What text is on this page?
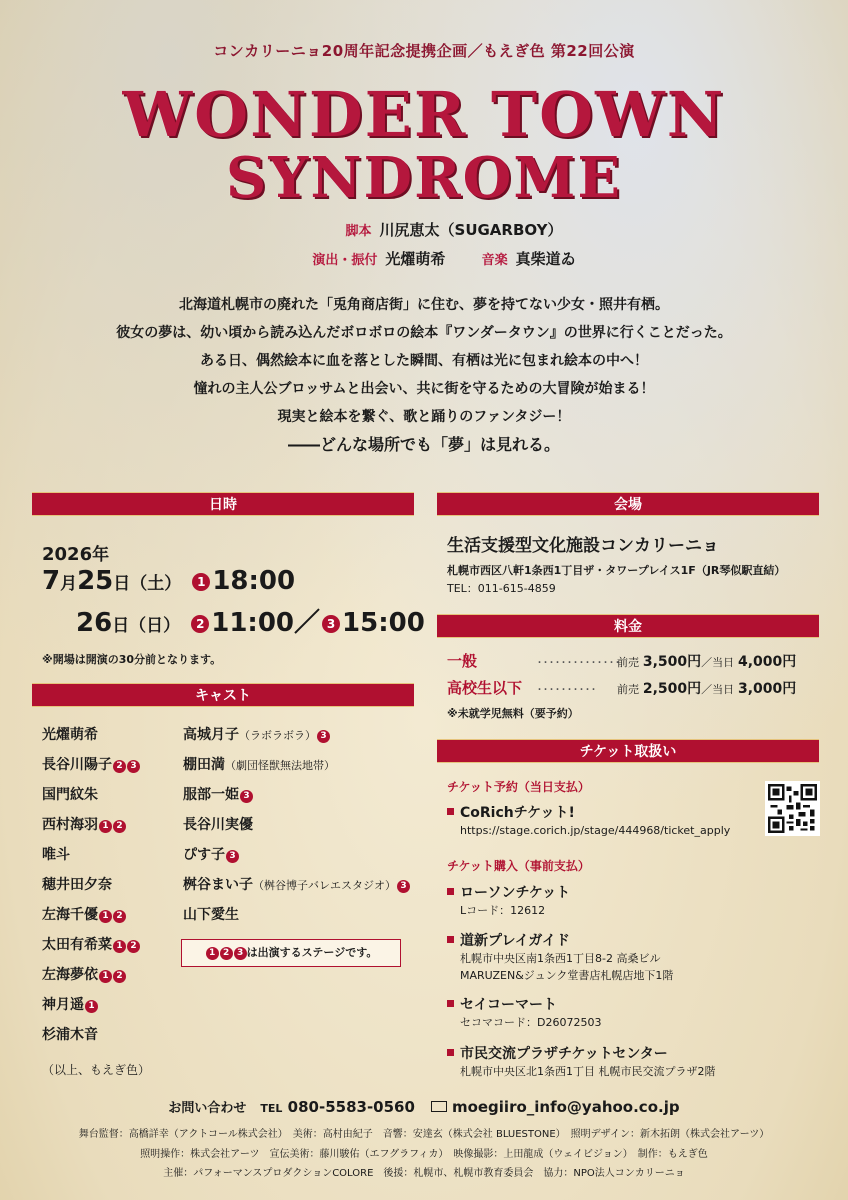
コンカリーニョ20周年記念提携企画／もえぎ色 第22回公演
WONDER TOWN
SYNDROME
脚本 川尻恵太（SUGARBOY）
演出・振付 光燿萌希	音楽 真柴道ゐ
北海道札幌市の廃れた「兎角商店街」に住む、夢を持てない少女・照井有栖。
彼女の夢は、幼い頃から読み込んだボロボロの絵本『ワンダータウン』の世界に行くことだった。
ある日、偶然絵本に血を落とした瞬間、有栖は光に包まれ絵本の中へ！
憧れの主人公ブロッサムと出会い、共に街を守るための大冒険が始まる！
現実と絵本を繋ぐ、歌と踊りのファンタジー！
――どんな場所でも「夢」は見れる。
日時
2026年
7月25日（土） 1 18:00
26日（日） 2 11:00／ 3 15:00
※開場は開演の30分前となります。
キャスト
光燿萌希
長谷川陽子 2 3
国門紋朱
西村海羽 1 2
唯斗
穂井田夕奈
左海千優 1 2
太田有希菜 1 2
左海夢依 1 2
神月遥 1
杉浦木音
高城月子（ラボラボラ） 3
棚田満（劇団怪獣無法地帯）
服部一姫 3
長谷川実優
ぴす子 3
桝谷まい子（桝谷博子バレエスタジオ） 3
山下愛生
1 2 3 は出演するステージです。
（以上、もえぎ色）
会場
生活支援型文化施設コンカリーニョ
札幌市西区八軒1条西1丁目ザ・タワープレイス1F（JR琴似駅直結）
TEL：011-615-4859
料金
一般	･･････････････前売 3,500円／当日 4,000円
高校生以下 ･･････････ 前売 2,500円／当日 3,000円
※未就学児無料（要予約）
チケット取扱い
チケット予約（当日支払）
CoRichチケット!
https://stage.corich.jp/stage/444968/ticket_apply
チケット購入（事前支払）
ローソンチケット
Lコード：12612
道新プレイガイド
札幌市中央区南1条西1丁目8-2 高桑ビル
MARUZEN&ジュンク堂書店札幌店地下1階
セイコーマート
セコマコード：D26072503
市民交流プラザチケットセンター
札幌市中央区北1条西1丁目 札幌市民交流プラザ2階
お問い合わせ TEL 080-5583-0560 moegiiro_info@yahoo.co.jp
舞台監督：高橋詳幸（アクトコール株式会社）　美術：高村由紀子　音響：安達玄（株式会社 BLUESTONE）　照明デザイン：新木拓朗（株式会社アーツ）
照明操作：株式会社アーツ　宣伝美術：藤川駿佑（エフグラフィカ）　映像撮影：上田龍成（ウェイビジョン）　制作：もえぎ色
主催：パフォーマンスプロダクションCOLORE　後援：札幌市、札幌市教育委員会　協力：NPO法人コンカリーニョ
